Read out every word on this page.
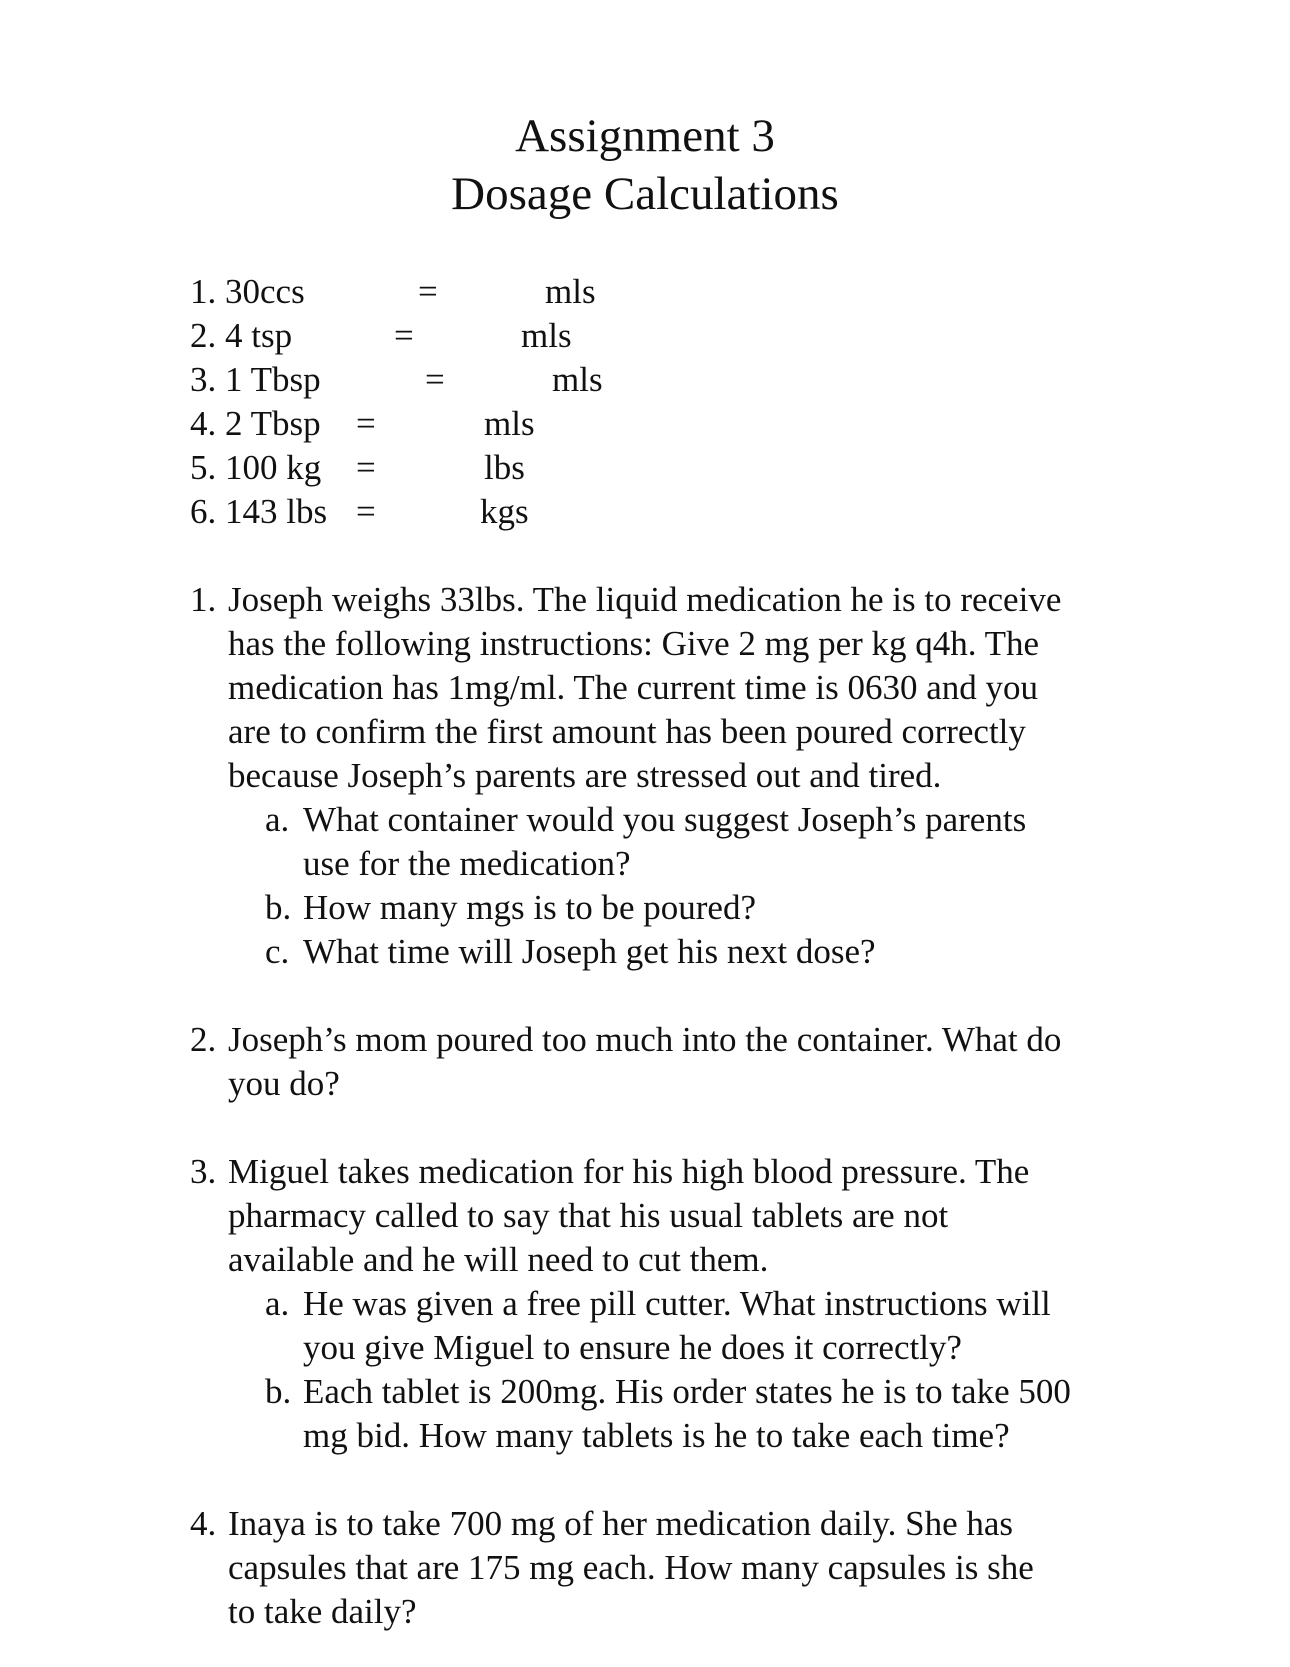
Assignment 3
Dosage Calculations
1. 30ccs	=	mls
2. 4 tsp	=	mls
3. 1 Tbsp	=	mls
4. 2 Tbsp =	mls
5. 100 kg =	lbs
6. 143 lbs =	kgs
1. Joseph weighs 33lbs. The liquid medication he is to receive
has the following instructions: Give 2 mg per kg q4h. The
medication has 1mg/ml. The current time is 0630 and you
are to confirm the first amount has been poured correctly
because Joseph’s parents are stressed out and tired.
a. What container would you suggest Joseph’s parents
use for the medication?
b. How many mgs is to be poured?
c. What time will Joseph get his next dose?
2. Joseph’s mom poured too much into the container. What do
you do?
3. Miguel takes medication for his high blood pressure. The
pharmacy called to say that his usual tablets are not
available and he will need to cut them.
a. He was given a free pill cutter. What instructions will
you give Miguel to ensure he does it correctly?
b. Each tablet is 200mg. His order states he is to take 500
mg bid. How many tablets is he to take each time?
4. Inaya is to take 700 mg of her medication daily. She has
capsules that are 175 mg each. How many capsules is she
to take daily?
